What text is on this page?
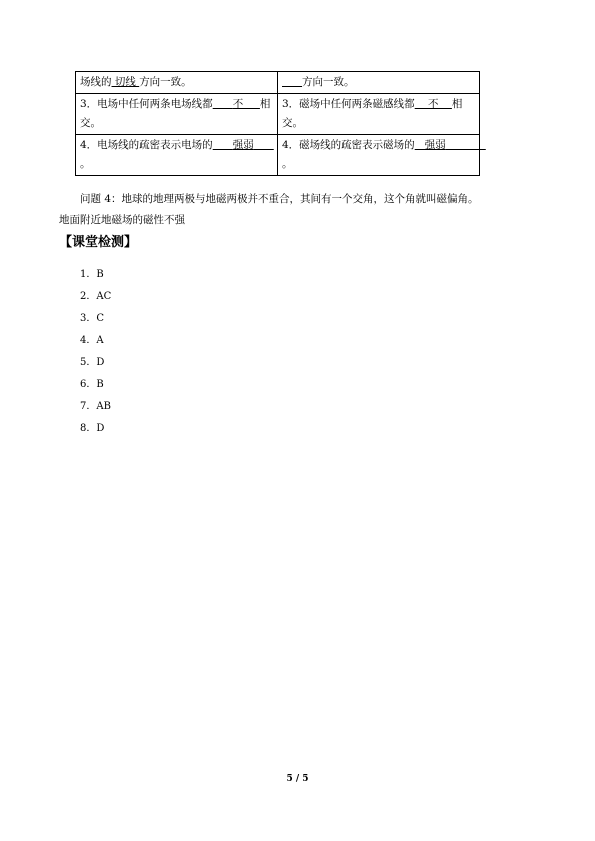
场线的 切线 方向一致。	方向一致。
3．电场中任何两条电场线都 不     相交。	3．磁场中任何两条磁感线都    不    相交。
4．电场线的疏密表示电场的 强弱      。	4．磁场线的疏密表示磁场的   强弱            。
问题 4：地球的地理两极与地磁两极并不重合，其间有一个交角，这个角就叫磁偏角。
地面附近地磁场的磁性不强
【课堂检测】
1．B
2．AC
3．C
4．A
5．D
6．B
7．AB
8．D
5 / 5
